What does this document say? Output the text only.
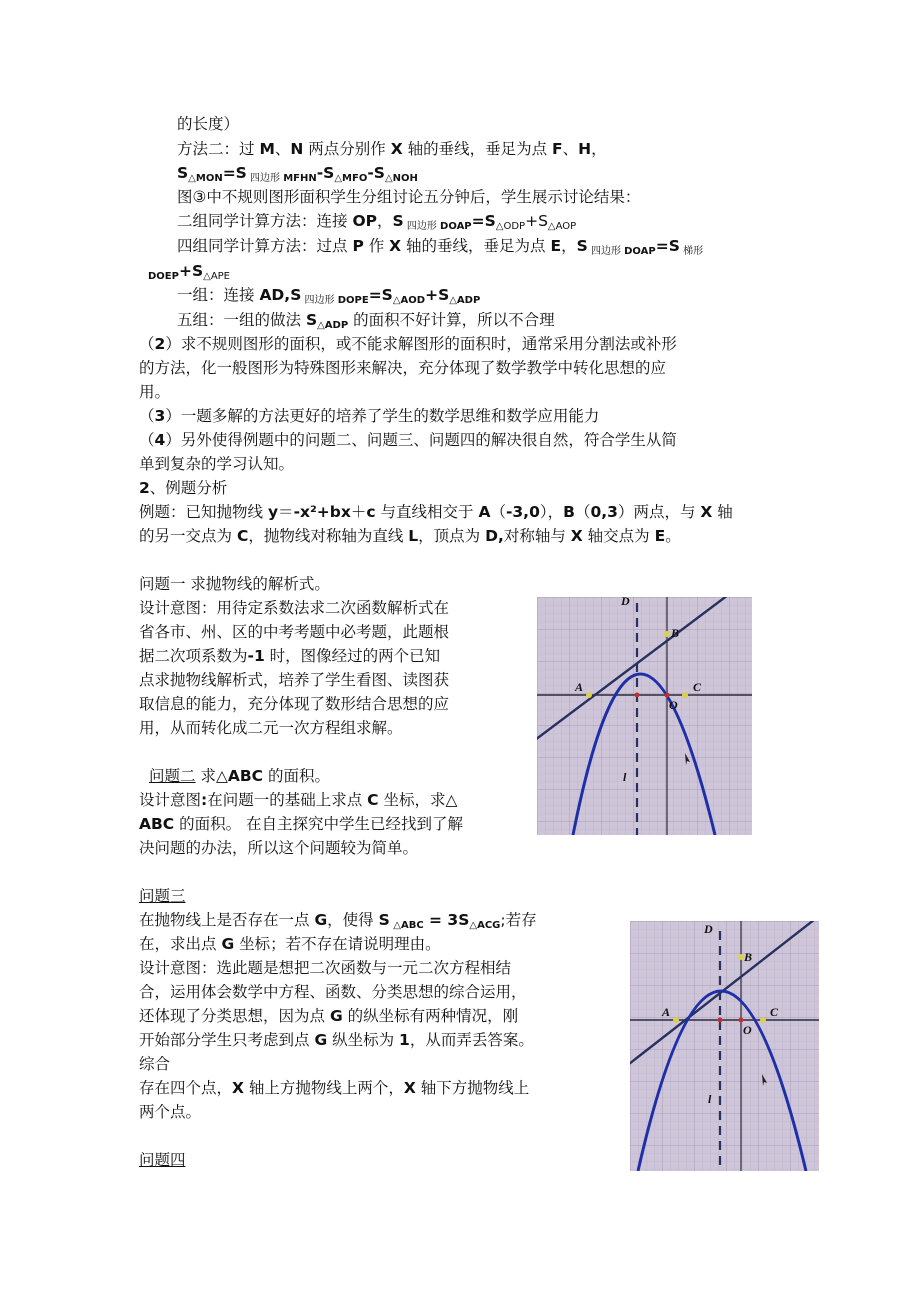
的长度）
方法二：过 M、N 两点分别作 X 轴的垂线，垂足为点 F、H，
$S_{\triangle MON}=S$ $_{四边形}$ $_{MFHN}-S_{\triangle MFO}-S_{\triangle NOH}$
图③中不规则图形面积学生分组讨论五分钟后，学生展示讨论结果：
二组同学计算方法：连接 OP，S $_{四边形}$ $_{DOAP}=S_{\triangle ODP}+S_{\triangle AOP}$
四组同学计算方法：过点 P 作 X 轴的垂线，垂足为点 E，S $_{四边形}$ $_{DOAP}$=S $_{梯形}$
$_{DOEP}+S_{\triangle APE}$
一组：连接 AD,S $_{四边形}$ $_{DOPE}=S_{\triangle AOD}+S_{\triangle ADP}$
五组：一组的做法 $S_{\triangle ADP}$ 的面积不好计算，所以不合理
（2）求不规则图形的面积，或不能求解图形的面积时，通常采用分割法或补形
的方法，化一般图形为特殊图形来解决，充分体现了数学教学中转化思想的应
用。
（3）一题多解的方法更好的培养了学生的数学思维和数学应用能力
（4）另外使得例题中的问题二、问题三、问题四的解决很自然，符合学生从简
单到复杂的学习认知。
2、例题分析
例题：已知抛物线 y＝-x²+bx＋c 与直线相交于 A（-3,0），B（0,3）两点，与 X 轴
的另一交点为 C，抛物线对称轴为直线 L，顶点为 D,对称轴与 X 轴交点为 E。
问题一 求抛物线的解析式。
设计意图：用待定系数法求二次函数解析式在
省各市、州、区的中考考题中必考题，此题根
据二次项系数为-1 时，图像经过的两个已知
点求抛物线解析式，培养了学生看图、读图获
取信息的能力，充分体现了数形结合思想的应
用，从而转化成二元一次方程组求解。
问题二 求△ABC 的面积。
设计意图:在问题一的基础上求点 C 坐标，求△
ABC 的面积。 在自主探究中学生已经找到了解
决问题的办法，所以这个问题较为简单。
问题三
在抛物线上是否存在一点 G，使得 S $_{\triangle ABC} = 3S_{\triangle ACG}$;若存
在，求出点 G 坐标；若不存在请说明理由。
设计意图：选此题是想把二次函数与一元二次方程相结
合，运用体会数学中方程、函数、分类思想的综合运用，
还体现了分类思想，因为点 G 的纵坐标有两种情况，刚
开始部分学生只考虑到点 G 纵坐标为 1，从而弄丢答案。
综合
存在四个点，X 轴上方抛物线上两个，X 轴下方抛物线上
两个点。
问题四
D
B
A	C
O
l
D
B
A	C
O
l
